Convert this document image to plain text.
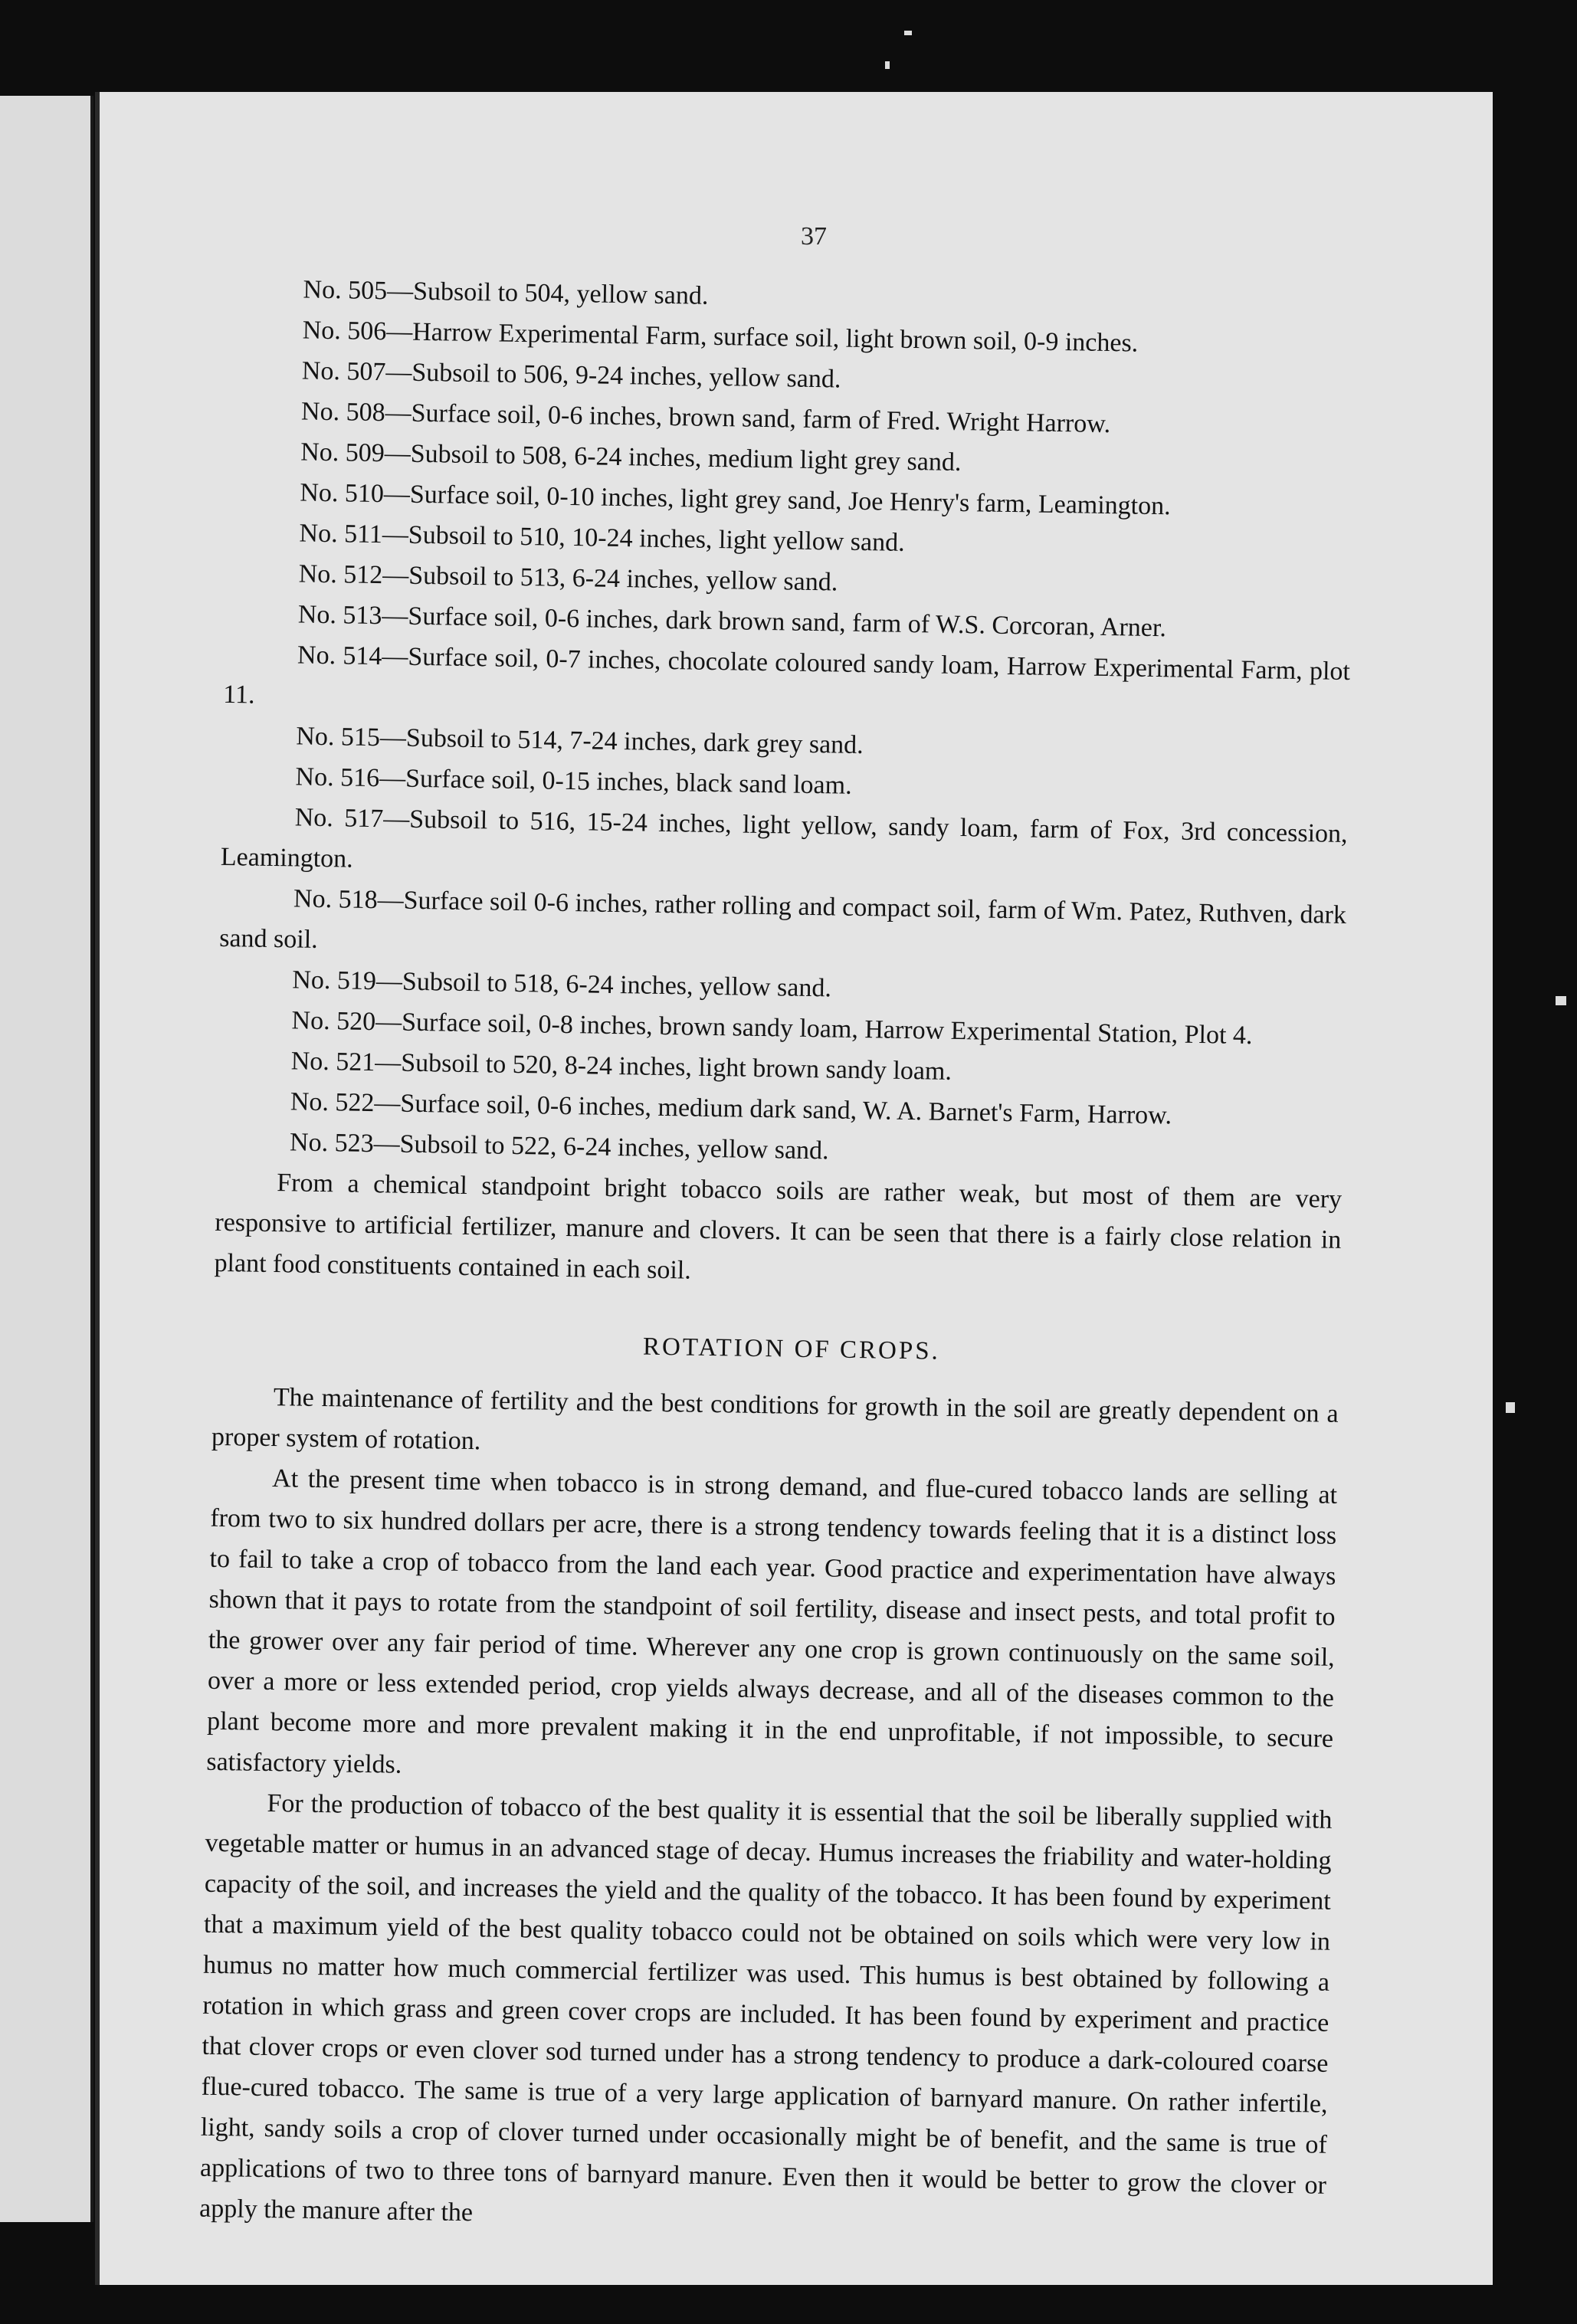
37
No. 505—Subsoil to 504, yellow sand.
No. 506—Harrow Experimental Farm, surface soil, light brown soil, 0-9 inches.
No. 507—Subsoil to 506, 9-24 inches, yellow sand.
No. 508—Surface soil, 0-6 inches, brown sand, farm of Fred. Wright Harrow.
No. 509—Subsoil to 508, 6-24 inches, medium light grey sand.
No. 510—Surface soil, 0-10 inches, light grey sand, Joe Henry's farm, Leamington.
No. 511—Subsoil to 510, 10-24 inches, light yellow sand.
No. 512—Subsoil to 513, 6-24 inches, yellow sand.
No. 513—Surface soil, 0-6 inches, dark brown sand, farm of W.S. Corcoran, Arner.
No. 514—Surface soil, 0-7 inches, chocolate coloured sandy loam, Harrow Experimental Farm, plot 11.
No. 515—Subsoil to 514, 7-24 inches, dark grey sand.
No. 516—Surface soil, 0-15 inches, black sand loam.
No. 517—Subsoil to 516, 15-24 inches, light yellow, sandy loam, farm of Fox, 3rd concession, Leamington.
No. 518—Surface soil 0-6 inches, rather rolling and compact soil, farm of Wm. Patez, Ruthven, dark sand soil.
No. 519—Subsoil to 518, 6-24 inches, yellow sand.
No. 520—Surface soil, 0-8 inches, brown sandy loam, Harrow Experimental Station, Plot 4.
No. 521—Subsoil to 520, 8-24 inches, light brown sandy loam.
No. 522—Surface soil, 0-6 inches, medium dark sand, W. A. Barnet's Farm, Harrow.
No. 523—Subsoil to 522, 6-24 inches, yellow sand.

From a chemical standpoint bright tobacco soils are rather weak, but most of them are very responsive to artificial fertilizer, manure and clovers. It can be seen that there is a fairly close relation in plant food constituents contained in each soil.

ROTATION OF CROPS.

The maintenance of fertility and the best conditions for growth in the soil are greatly dependent on a proper system of rotation.

At the present time when tobacco is in strong demand, and flue-cured tobacco lands are selling at from two to six hundred dollars per acre, there is a strong tendency towards feeling that it is a distinct loss to fail to take a crop of tobacco from the land each year. Good practice and experimentation have always shown that it pays to rotate from the standpoint of soil fertility, disease and insect pests, and total profit to the grower over any fair period of time. Wherever any one crop is grown continuously on the same soil, over a more or less extended period, crop yields always decrease, and all of the diseases common to the plant become more and more prevalent making it in the end unprofitable, if not impossible, to secure satisfactory yields.

For the production of tobacco of the best quality it is essential that the soil be liberally supplied with vegetable matter or humus in an advanced stage of decay. Humus increases the friability and water-holding capacity of the soil, and increases the yield and the quality of the tobacco. It has been found by experiment that a maximum yield of the best quality tobacco could not be obtained on soils which were very low in humus no matter how much commercial fertilizer was used. This humus is best obtained by following a rotation in which grass and green cover crops are included. It has been found by experiment and practice that clover crops or even clover sod turned under has a strong tendency to produce a dark-coloured coarse flue-cured tobacco. The same is true of a very large application of barnyard manure. On rather infertile, light, sandy soils a crop of clover turned under occasionally might be of benefit, and the same is true of applications of two to three tons of barnyard manure. Even then it would be better to grow the clover or apply the manure after the
